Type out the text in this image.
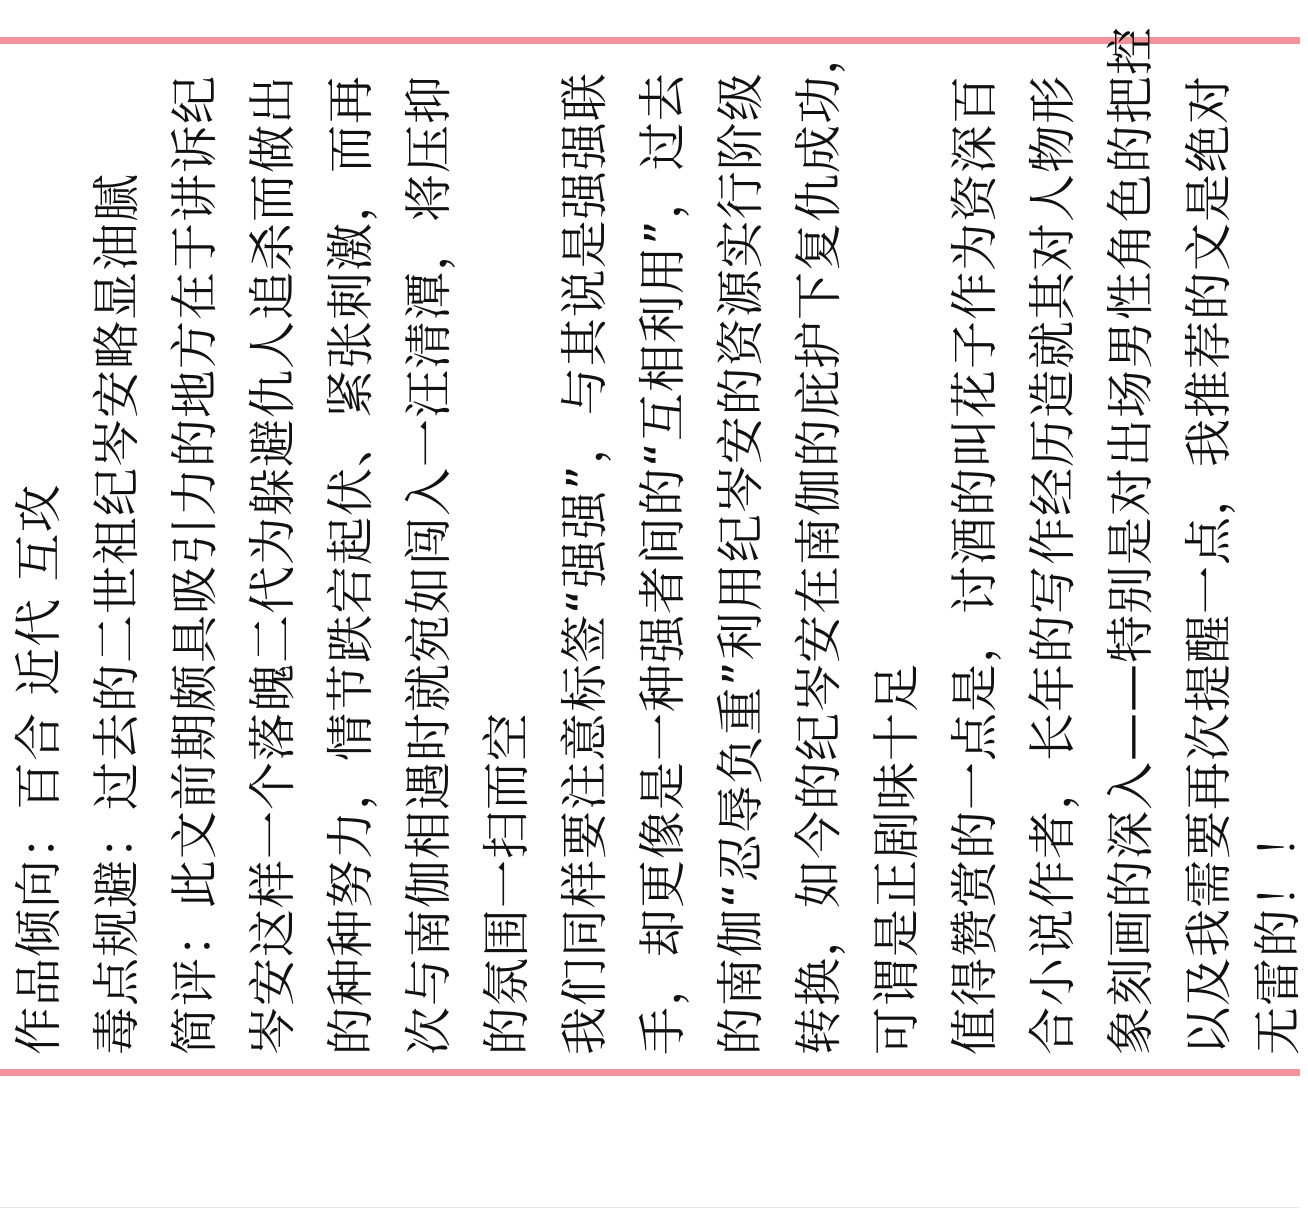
作品倾向：百合 近代 互攻 毒点规避：过去的二世祖纪岑安略显油腻 简评：此文前期颇具吸引力的地方在于讲诉纪 岑安这样一个落魄二代为躲避仇人追杀而做出 的种种努力，情节跌宕起伏、紧张刺激，而再 次与南伽相遇时就宛如闯入一汪清潭，将压抑 的氛围一扫而空 我们同样要注意标签“强强”，与其说是强强联 手，却更像是一种强者间的“互相利用”，过去 的南伽“忍辱负重”利用纪岑安的资源实行阶级 转换，如今的纪岑安在南伽的庇护下复仇成功， 可谓是正剧味十足 值得赞赏的一点是，讨酒的叫花子作为资深百 合小说作者，长年的写作经历造就其对人物形 象刻画的深入——特别是对出场男性角色的把控 以及我需要再次提醒一点，我推荐的文是绝对 无雷的！！
